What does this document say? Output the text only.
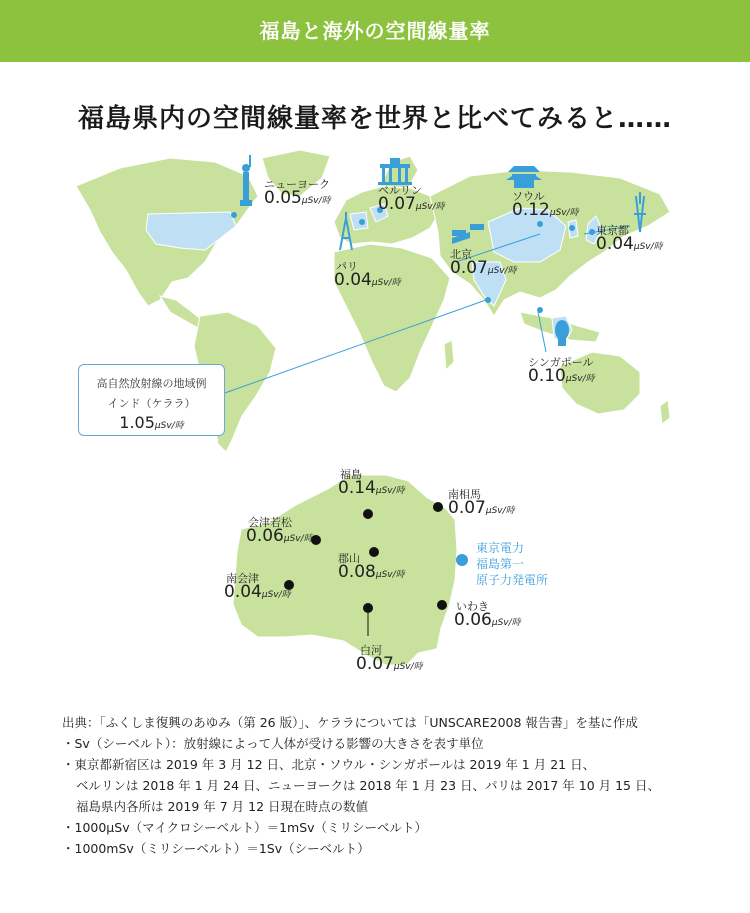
福島と海外の空間線量率
福島県内の空間線量率を世界と比べてみると……
ニューヨーク
0.05μSv/時
ベルリン
0.07μSv/時
ソウル
0.12μSv/時
東京都
0.04μSv/時
パリ
0.04μSv/時
北京
0.07μSv/時
シンガポール
0.10μSv/時
高自然放射線の地域例
インド（ケララ）
1.05μSv/時
福島
0.14μSv/時	南相馬
0.07μSv/時
会津若松
0.06μSv/時
郡山
0.08μSv/時
南会津
0.04μSv/時
いわき
0.06μSv/時
白河
0.07μSv/時
東京電力
福島第一
原子力発電所
出典：「ふくしま復興のあゆみ（第 26 版）」、ケララについては「UNSCARE2008 報告書」を基に作成
・Sv（シーベルト）：放射線によって人体が受ける影響の大きさを表す単位
・東京都新宿区は 2019 年 3 月 12 日、北京・ソウル・シンガポールは 2019 年 1 月 21 日、
ベルリンは 2018 年 1 月 24 日、ニューヨークは 2018 年 1 月 23 日、パリは 2017 年 10 月 15 日、
福島県内各所は 2019 年 7 月 12 日現在時点の数値
・1000μSv（マイクロシーベルト）＝1mSv（ミリシーベルト）
・1000mSv（ミリシーベルト）＝1Sv（シーベルト）
